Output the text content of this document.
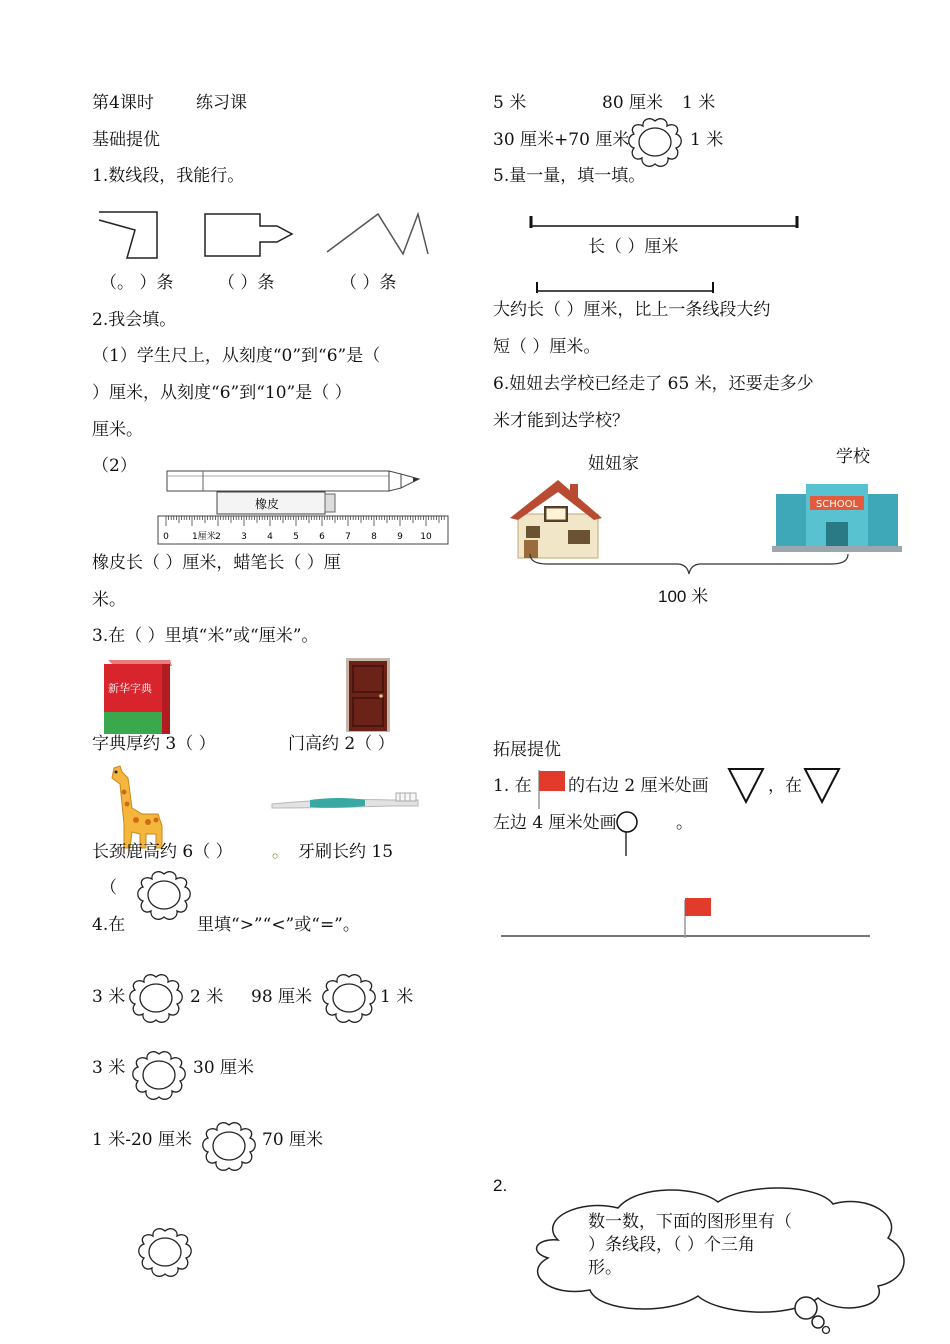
第4课时 练习课
基础提优
1.数线段，我能行。
（。 ）条	（ ）条	（ ）条
2.我会填。
（1）学生尺上，从刻度“0”到“6”是（
）厘米，从刻度“6”到“10”是（ ）
厘米。
（2）
橡皮
0	1厘米 2 3 4 5 6 7 8 9 10
橡皮长（ ）厘米，蜡笔长（ ）厘
米。
3.在（ ）里填“米”或“厘米”。
新华字典
字典厚约 3（ ）	门高约 2（ ）
长颈鹿高约 6（ ） 。 牙刷长约 15
（
4.在	里填“>”“<”或“=”。
3 米	2 米 98 厘米	1 米
3 米	30 厘米
1 米-20 厘米	70 厘米
5 米	80 厘米 1 米
30 厘米+70 厘米	1 米
5.量一量，填一填。
长（ ）厘米
大约长（ ）厘米，比上一条线段大约
短（ ）厘米。
6.妞妞去学校已经走了 65 米，还要走多少
米才能到达学校？
妞妞家	学校
SCHOOL
100 米
拓展提优
1. 在 的右边 2 厘米处画	，在
左边 4 厘米处画	。
2.
数一数，下面的图形里有（
）条线段，（ ）个三角
形。
